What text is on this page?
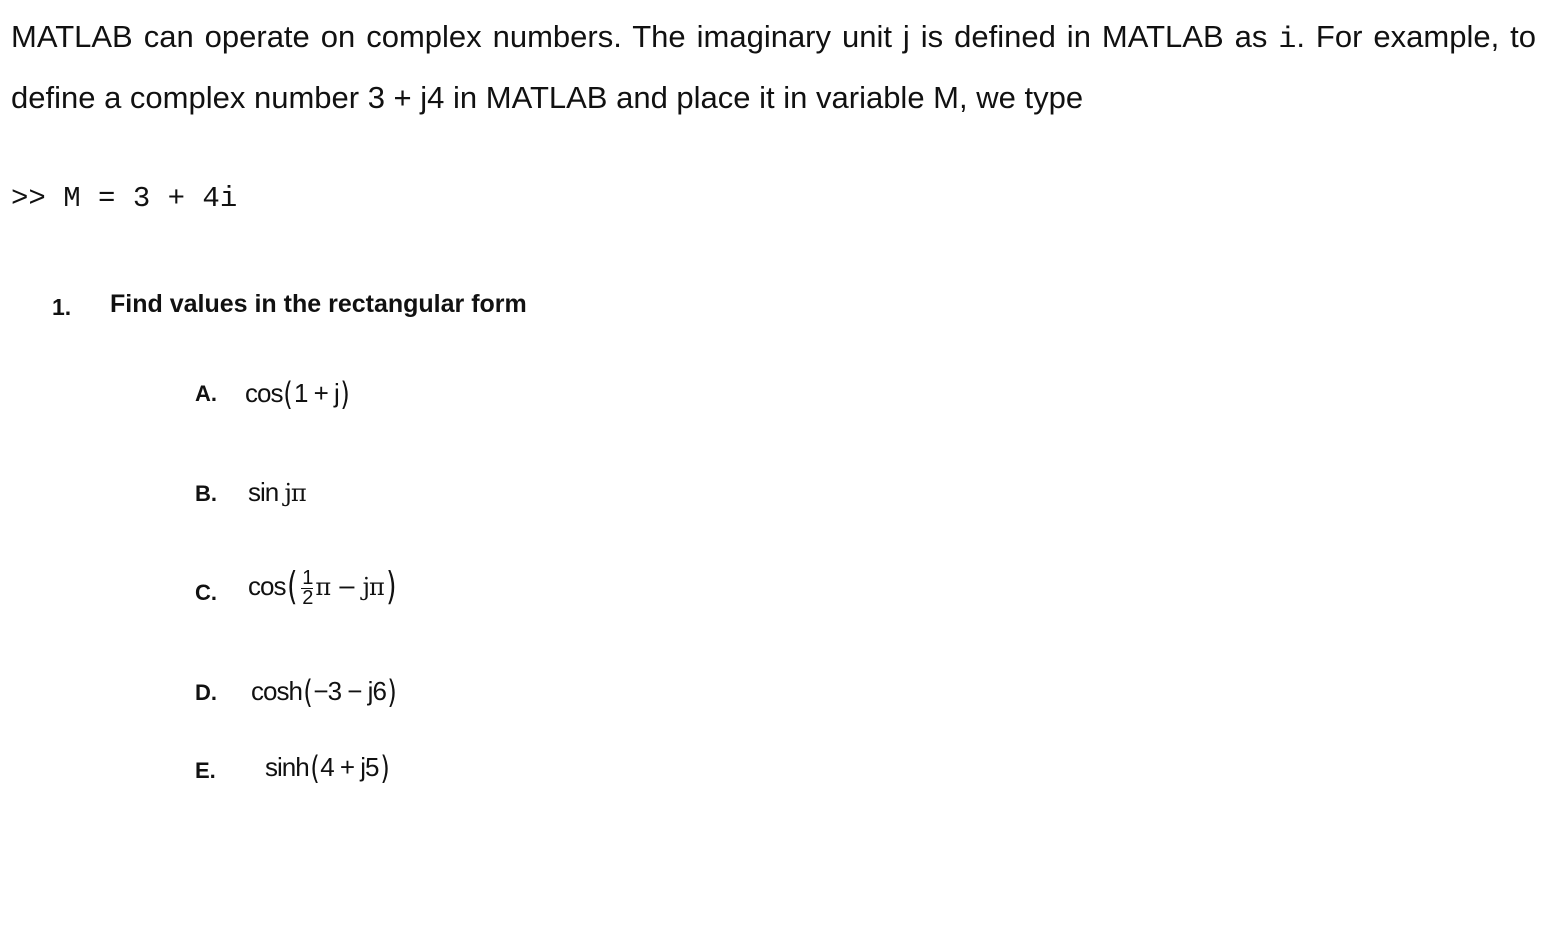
MATLAB can operate on complex numbers. The imaginary unit j is defined in MATLAB as i. For example, to define a complex number 3 + j4 in MATLAB and place it in variable M, we type

>> M = 3 + 4i
1. Find values in the rectangular form
A. cos(1 + j)
B. sin jπ
C. $\cos( \frac{1}{2}$ π − jπ)
D. cosh(−3 − j6)
E. sinh(4 + j5)
